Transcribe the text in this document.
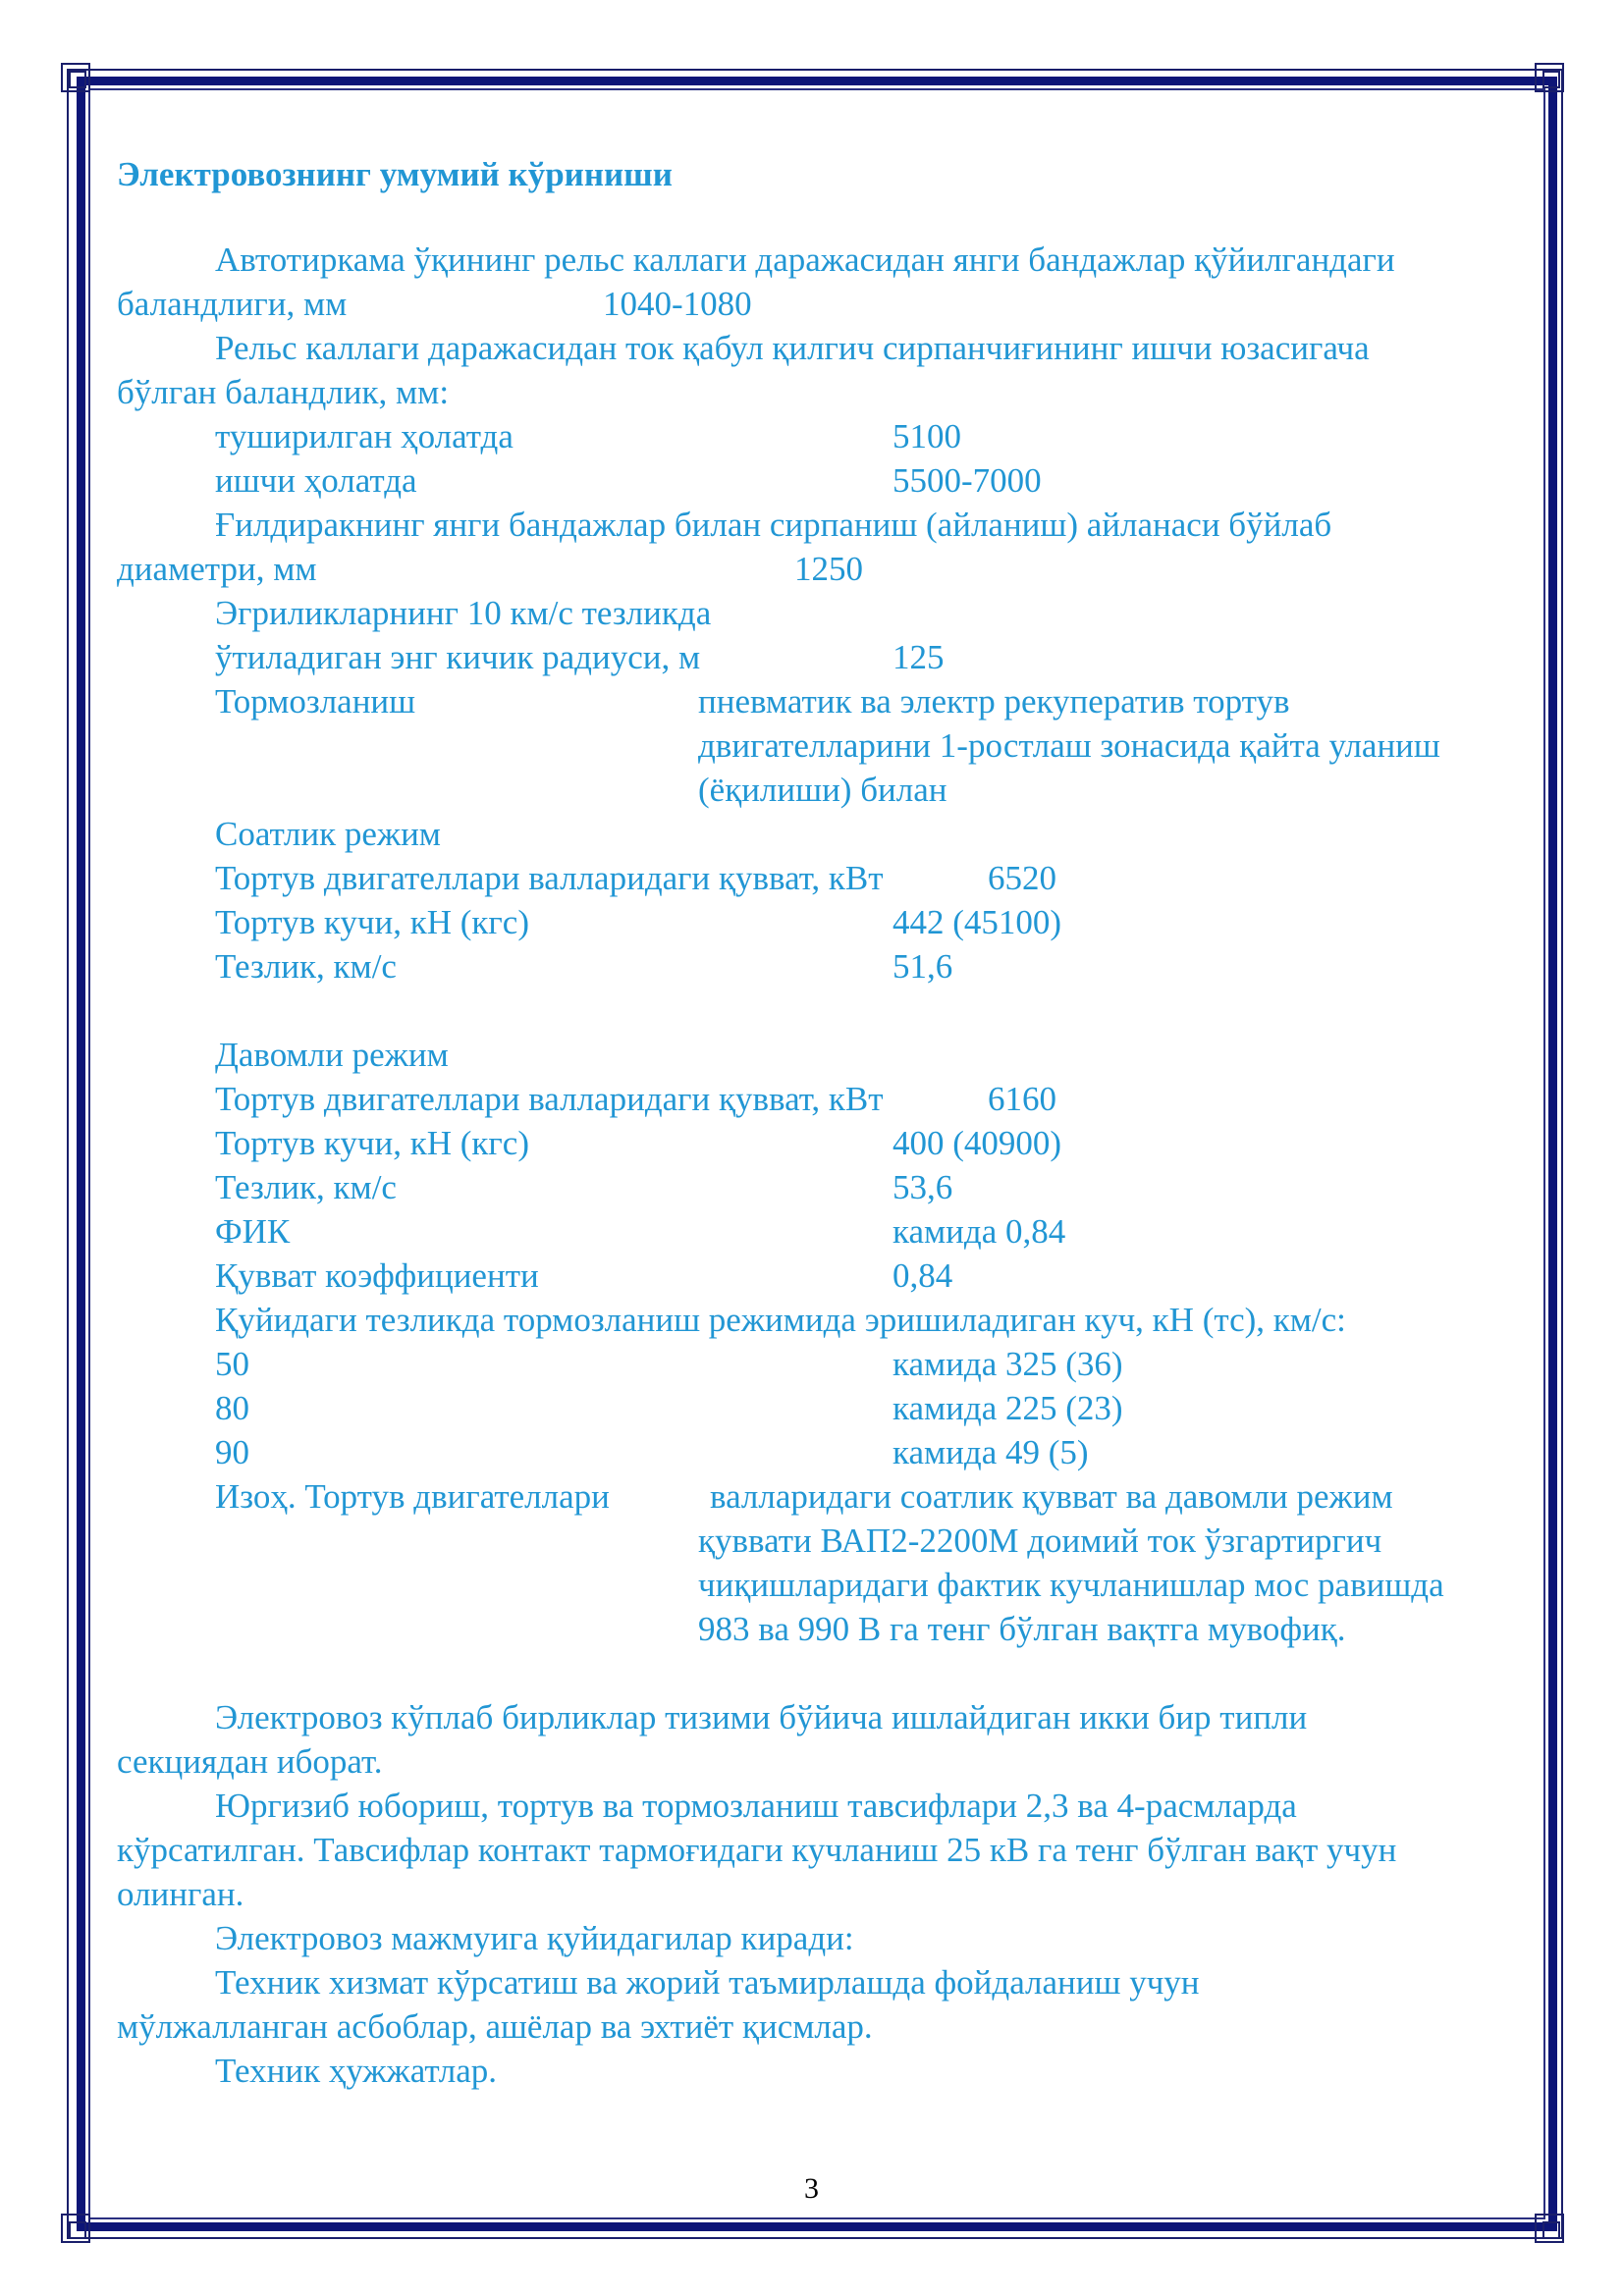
Электровознинг умумий кўриниши
Автотиркама ўқининг рельс каллаги даражасидан янги бандажлар қўйилгандаги
баландлиги, мм	1040-1080
Рельс каллаги даражасидан ток қабул қилгич сирпанчиғининг ишчи юзасигача
бўлган баландлик, мм:
туширилган ҳолатда	5100
ишчи ҳолатда	5500-7000
Ғилдиракнинг янги бандажлар билан сирпаниш (айланиш) айланаси бўйлаб
диаметри, мм	1250
Эгриликларнинг 10 км/с тезликда
ўтиладиган энг кичик радиуси, м	125
Тормозланиш	пневматик ва электр рекуператив тортув
двигателларини 1-ростлаш зонасида қайта уланиш
(ёқилиши) билан
Соатлик режим
Тортув двигателлари валларидаги қувват, кВт	6520
Тортув кучи, кН (кгс)	442 (45100)
Тезлик, км/с	51,6
Давомли режим
Тортув двигателлари валларидаги қувват, кВт	6160
Тортув кучи, кН (кгс)	400 (40900)
Тезлик, км/с	53,6
ФИК	камида 0,84
Қувват коэффициенти	0,84
Қуйидаги тезликда тормозланиш режимида эришиладиган куч, кН (тс), км/с:
50	камида 325 (36)
80	камида 225 (23)
90	камида 49 (5)
Изоҳ. Тортув двигателлари	валларидаги соатлик қувват ва давомли режим
қуввати ВАП2-2200М доимий ток ўзгартиргич
чиқишларидаги фактик кучланишлар мос равишда
983 ва 990 В га тенг бўлган вақтга мувофиқ.
Электровоз кўплаб бирликлар тизими бўйича ишлайдиган икки бир типли
секциядан иборат.
Юргизиб юбориш, тортув ва тормозланиш тавсифлари 2,3 ва 4-расмларда
кўрсатилган. Тавсифлар контакт тармоғидаги кучланиш 25 кВ га тенг бўлган вақт учун
олинган.
Электровоз мажмуига қуйидагилар киради:
Техник хизмат кўрсатиш ва жорий таъмирлашда фойдаланиш учун
мўлжалланган асбоблар, ашёлар ва эхтиёт қисмлар.
Техник ҳужжатлар.
3
